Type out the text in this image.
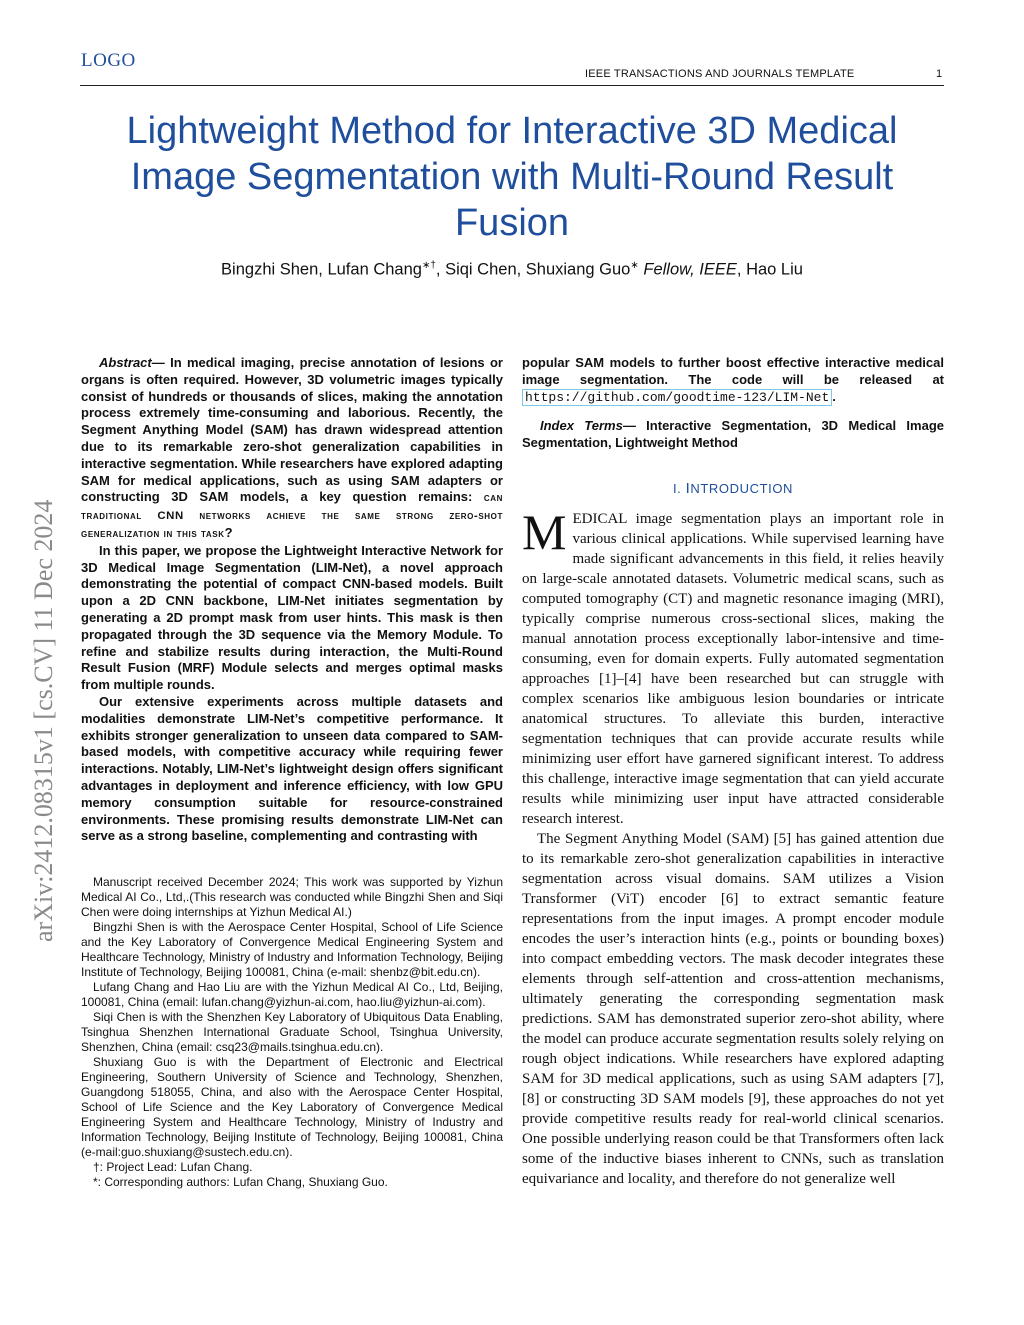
LOGO
IEEE TRANSACTIONS AND JOURNALS TEMPLATE	1
Lightweight Method for Interactive 3D Medical Image Segmentation with Multi-Round Result Fusion
Bingzhi Shen, Lufan Chang∗†, Siqi Chen, Shuxiang Guo∗ Fellow, IEEE, Hao Liu
arXiv:2412.08315v1 [cs.CV] 11 Dec 2024

Abstract— In medical imaging, precise annotation of lesions or organs is often required. However, 3D volumetric images typically consist of hundreds or thousands of slices, making the annotation process extremely time-consuming and laborious. Recently, the Segment Anything Model (SAM) has drawn widespread attention due to its remarkable zero-shot generalization capabilities in interactive segmentation. While researchers have explored adapting SAM for medical applications, such as using SAM adapters or constructing 3D SAM models, a key question remains: can traditional CNN networks achieve the same strong zero-shot generalization in this task?

In this paper, we propose the Lightweight Interactive Network for 3D Medical Image Segmentation (LIM-Net), a novel approach demonstrating the potential of compact CNN-based models. Built upon a 2D CNN backbone, LIM-Net initiates segmentation by generating a 2D prompt mask from user hints. This mask is then propagated through the 3D sequence via the Memory Module. To refine and stabilize results during interaction, the Multi-Round Result Fusion (MRF) Module selects and merges optimal masks from multiple rounds.

Our extensive experiments across multiple datasets and modalities demonstrate LIM-Net’s competitive performance. It exhibits stronger generalization to unseen data compared to SAM-based models, with competitive accuracy while requiring fewer interactions. Notably, LIM-Net’s lightweight design offers significant advantages in deployment and inference efficiency, with low GPU memory consumption suitable for resource-constrained environments. These promising results demonstrate LIM-Net can serve as a strong baseline, complementing and contrasting with

Manuscript received December 2024; This work was supported by Yizhun Medical AI Co., Ltd,.(This research was conducted while Bingzhi Shen and Siqi Chen were doing internships at Yizhun Medical AI.)

Bingzhi Shen is with the Aerospace Center Hospital, School of Life Science and the Key Laboratory of Convergence Medical Engineering System and Healthcare Technology, Ministry of Industry and Information Technology, Beijing Institute of Technology, Beijing 100081, China (e-mail: shenbz@bit.edu.cn).

Lufang Chang and Hao Liu are with the Yizhun Medical AI Co., Ltd, Beijing, 100081, China (email: lufan.chang@yizhun-ai.com, hao.liu@yizhun-ai.com).

Siqi Chen is with the Shenzhen Key Laboratory of Ubiquitous Data Enabling, Tsinghua Shenzhen International Graduate School, Tsinghua University, Shenzhen, China (email: csq23@mails.tsinghua.edu.cn).

Shuxiang Guo is with the Department of Electronic and Electrical Engineering, Southern University of Science and Technology, Shenzhen, Guangdong 518055, China, and also with the Aerospace Center Hospital, School of Life Science and the Key Laboratory of Convergence Medical Engineering System and Healthcare Technology, Ministry of Industry and Information Technology, Beijing Institute of Technology, Beijing 100081, China (e-mail:guo.shuxiang@sustech.edu.cn).

†: Project Lead: Lufan Chang.

*: Corresponding authors: Lufan Chang, Shuxiang Guo.

popular SAM models to further boost effective interactive medical image segmentation. The code will be released at https://github.com/goodtime-123/LIM-Net .

Index Terms— Interactive Segmentation, 3D Medical Image Segmentation, Lightweight Method

I. INTRODUCTION

MEDICAL image segmentation plays an important role in various clinical applications. While supervised learning have made significant advancements in this field, it relies heavily on large-scale annotated datasets. Volumetric medical scans, such as computed tomography (CT) and magnetic resonance imaging (MRI), typically comprise numerous cross-sectional slices, making the manual annotation process exceptionally labor-intensive and time-consuming, even for domain experts. Fully automated segmentation approaches [1]–[4] have been researched but can struggle with complex scenarios like ambiguous lesion boundaries or intricate anatomical structures. To alleviate this burden, interactive segmentation techniques that can provide accurate results while minimizing user effort have garnered significant interest. To address this challenge, interactive image segmentation that can yield accurate results while minimizing user input have attracted considerable research interest.

The Segment Anything Model (SAM) [5] has gained attention due to its remarkable zero-shot generalization capabilities in interactive segmentation across visual domains. SAM utilizes a Vision Transformer (ViT) encoder [6] to extract semantic feature representations from the input images. A prompt encoder module encodes the user’s interaction hints (e.g., points or bounding boxes) into compact embedding vectors. The mask decoder integrates these elements through self-attention and cross-attention mechanisms, ultimately generating the corresponding segmentation mask predictions. SAM has demonstrated superior zero-shot ability, where the model can produce accurate segmentation results solely relying on rough object indications. While researchers have explored adapting SAM for 3D medical applications, such as using SAM adapters [7], [8] or constructing 3D SAM models [9], these approaches do not yet provide competitive results ready for real-world clinical scenarios. One possible underlying reason could be that Transformers often lack some of the inductive biases inherent to CNNs, such as translation equivariance and locality, and therefore do not generalize well
